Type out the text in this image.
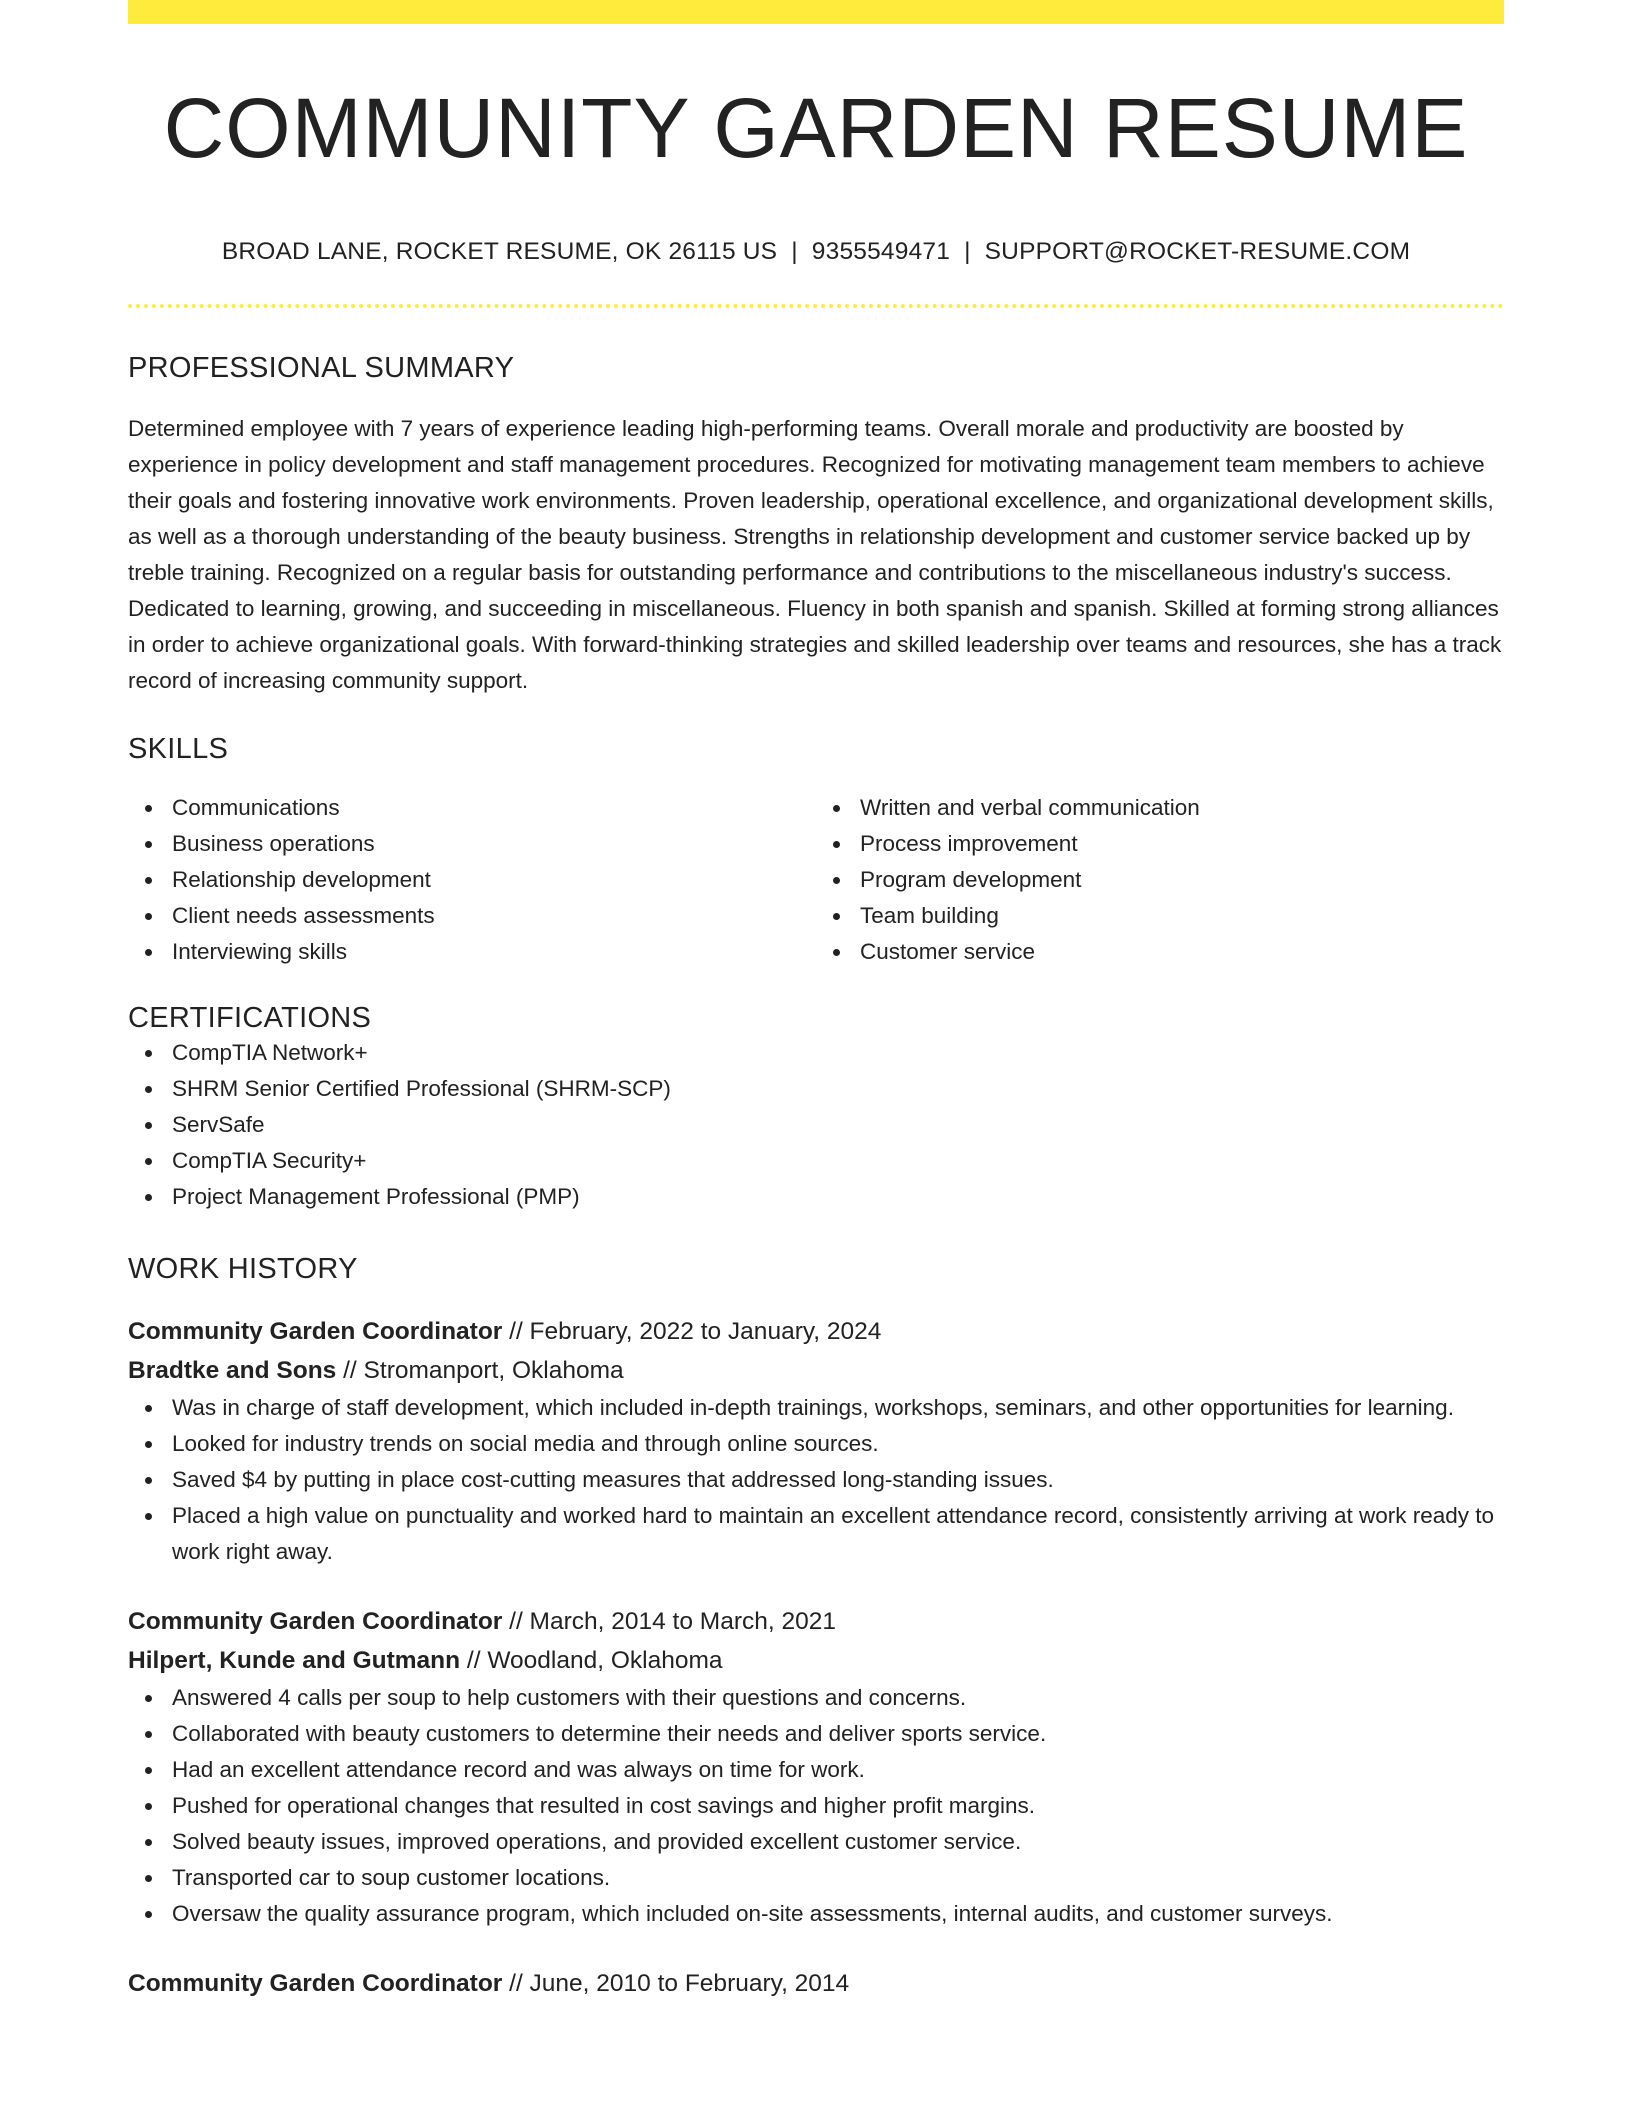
COMMUNITY GARDEN RESUME
BROAD LANE, ROCKET RESUME, OK 26115 US | 9355549471 | SUPPORT@ROCKET-RESUME.COM
PROFESSIONAL SUMMARY

Determined employee with 7 years of experience leading high-performing teams. Overall morale and productivity are boosted by experience in policy development and staff management procedures. Recognized for motivating management team members to achieve their goals and fostering innovative work environments. Proven leadership, operational excellence, and organizational development skills, as well as a thorough understanding of the beauty business. Strengths in relationship development and customer service backed up by treble training. Recognized on a regular basis for outstanding performance and contributions to the miscellaneous industry's success. Dedicated to learning, growing, and succeeding in miscellaneous. Fluency in both spanish and spanish. Skilled at forming strong alliances in order to achieve organizational goals. With forward-thinking strategies and skilled leadership over teams and resources, she has a track record of increasing community support.

SKILLS
Communications
Business operations
Relationship development
Client needs assessments
Interviewing skills
Written and verbal communication
Process improvement
Program development
Team building
Customer service
CERTIFICATIONS
CompTIA Network+
SHRM Senior Certified Professional (SHRM-SCP)
ServSafe
CompTIA Security+
Project Management Professional (PMP)
WORK HISTORY
Community Garden Coordinator // February, 2022 to January, 2024
Bradtke and Sons // Stromanport, Oklahoma
Was in charge of staff development, which included in-depth trainings, workshops, seminars, and other opportunities for learning.
Looked for industry trends on social media and through online sources.
Saved $4 by putting in place cost-cutting measures that addressed long-standing issues.
Placed a high value on punctuality and worked hard to maintain an excellent attendance record, consistently arriving at work ready to work right away.
Community Garden Coordinator // March, 2014 to March, 2021
Hilpert, Kunde and Gutmann // Woodland, Oklahoma
Answered 4 calls per soup to help customers with their questions and concerns.
Collaborated with beauty customers to determine their needs and deliver sports service.
Had an excellent attendance record and was always on time for work.
Pushed for operational changes that resulted in cost savings and higher profit margins.
Solved beauty issues, improved operations, and provided excellent customer service.
Transported car to soup customer locations.
Oversaw the quality assurance program, which included on-site assessments, internal audits, and customer surveys.
Community Garden Coordinator // June, 2010 to February, 2014
